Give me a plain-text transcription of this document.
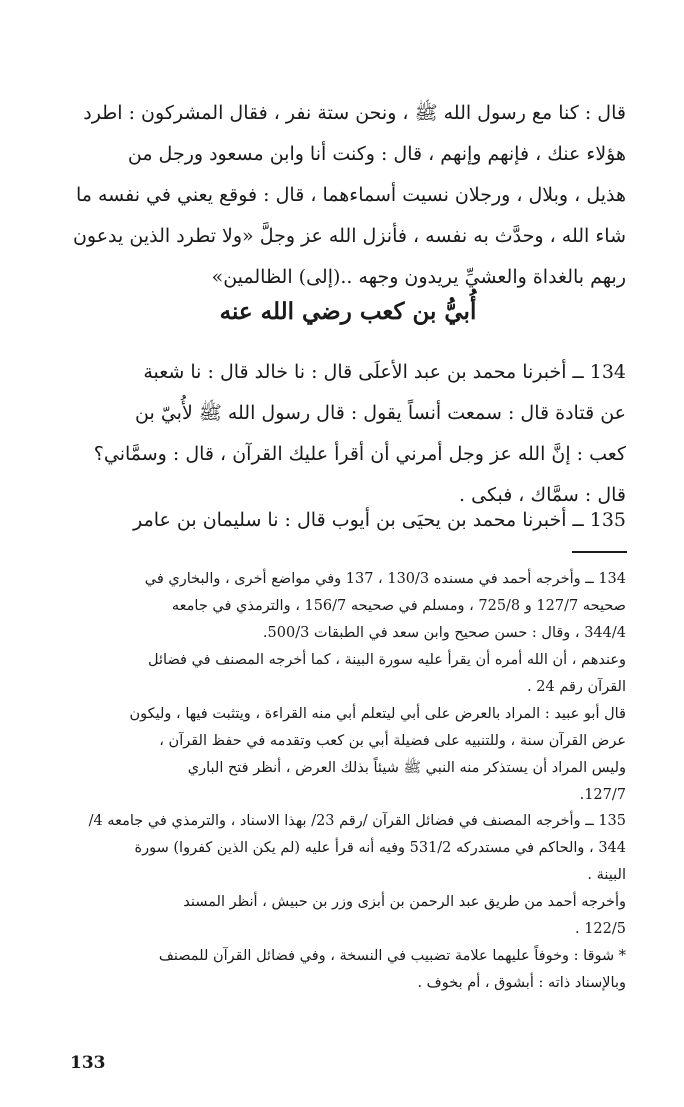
قال : كنا مع رسول الله ﷺ ، ونحن ستة نفر ، فقال المشركون : اطرد
هؤلاء عنك ، فإنهم وإنهم ، قال : وكنت أنا وابن مسعود ورجل من
هذيل ، وبلال ، ورجلان نسيت أسماءهما ، قال : فوقع يعني في نفسه ما
شاء الله ، وحدَّث به نفسه ، فأنزل الله عز وجلَّ «ولا تطرد الذين يدعون
ربهم بالغداة والعشيِّ يريدون وجهه ..(إلى) الظالمين»
أُبيُّ بن كعب رضي الله عنه
134 ــ أخبرنا محمد بن عبد الأعلَى قال : نا خالد قال : نا شعبة
عن قتادة قال : سمعت أنساً يقول : قال رسول الله ﷺ لأُبيّ بن
كعب : إنَّ الله عز وجل أمرني أن أقرأ عليك القرآن ، قال : وسمَّاني؟
قال : سمَّاك ، فبكى .
135 ــ أخبرنا محمد بن يحيَى بن أيوب قال : نا سليمان بن عامر
134 ــ وأخرجه أحمد في مسنده 130/3 ، 137 وفي مواضع أخرى ، والبخاري في
صحيحه 127/7 و 725/8 ، ومسلم في صحيحه 156/7 ، والترمذي في جامعه
344/4 ، وقال : حسن صحيح وابن سعد في الطبقات 500/3.
وعندهم ، أن الله أمره أن يقرأ عليه سورة البينة ، كما أخرجه المصنف في فضائل
القرآن رقم 24 .
قال أبو عبيد : المراد بالعرض على أبي ليتعلم أبي منه القراءة ، ويتثبت فيها ، وليكون
عرض القرآن سنة ، وللتنبيه على فضيلة أبي بن كعب وتقدمه في حفظ القرآن ،
وليس المراد أن يستذكر منه النبي ﷺ شيئاً بذلك العرض ، أنظر فتح الباري
127/7.
135 ــ وأخرجه المصنف في فضائل القرآن /رقم 23/ بهذا الاسناد ، والترمذي في جامعه 4/
344 ، والحاكم في مستدركه 531/2 وفيه أنه قرأ عليه (لم يكن الذين كفروا) سورة
البينة .
وأخرجه أحمد من طريق عبد الرحمن بن أبزى وزر بن حبيش ، أنظر المسند
122/5 .
* شوقا : وخوفاً عليهما علامة تضبيب في النسخة ، وفي فضائل القرآن للمصنف
وبالإسناد ذاته : أبشوق ، أم بخوف .
133
